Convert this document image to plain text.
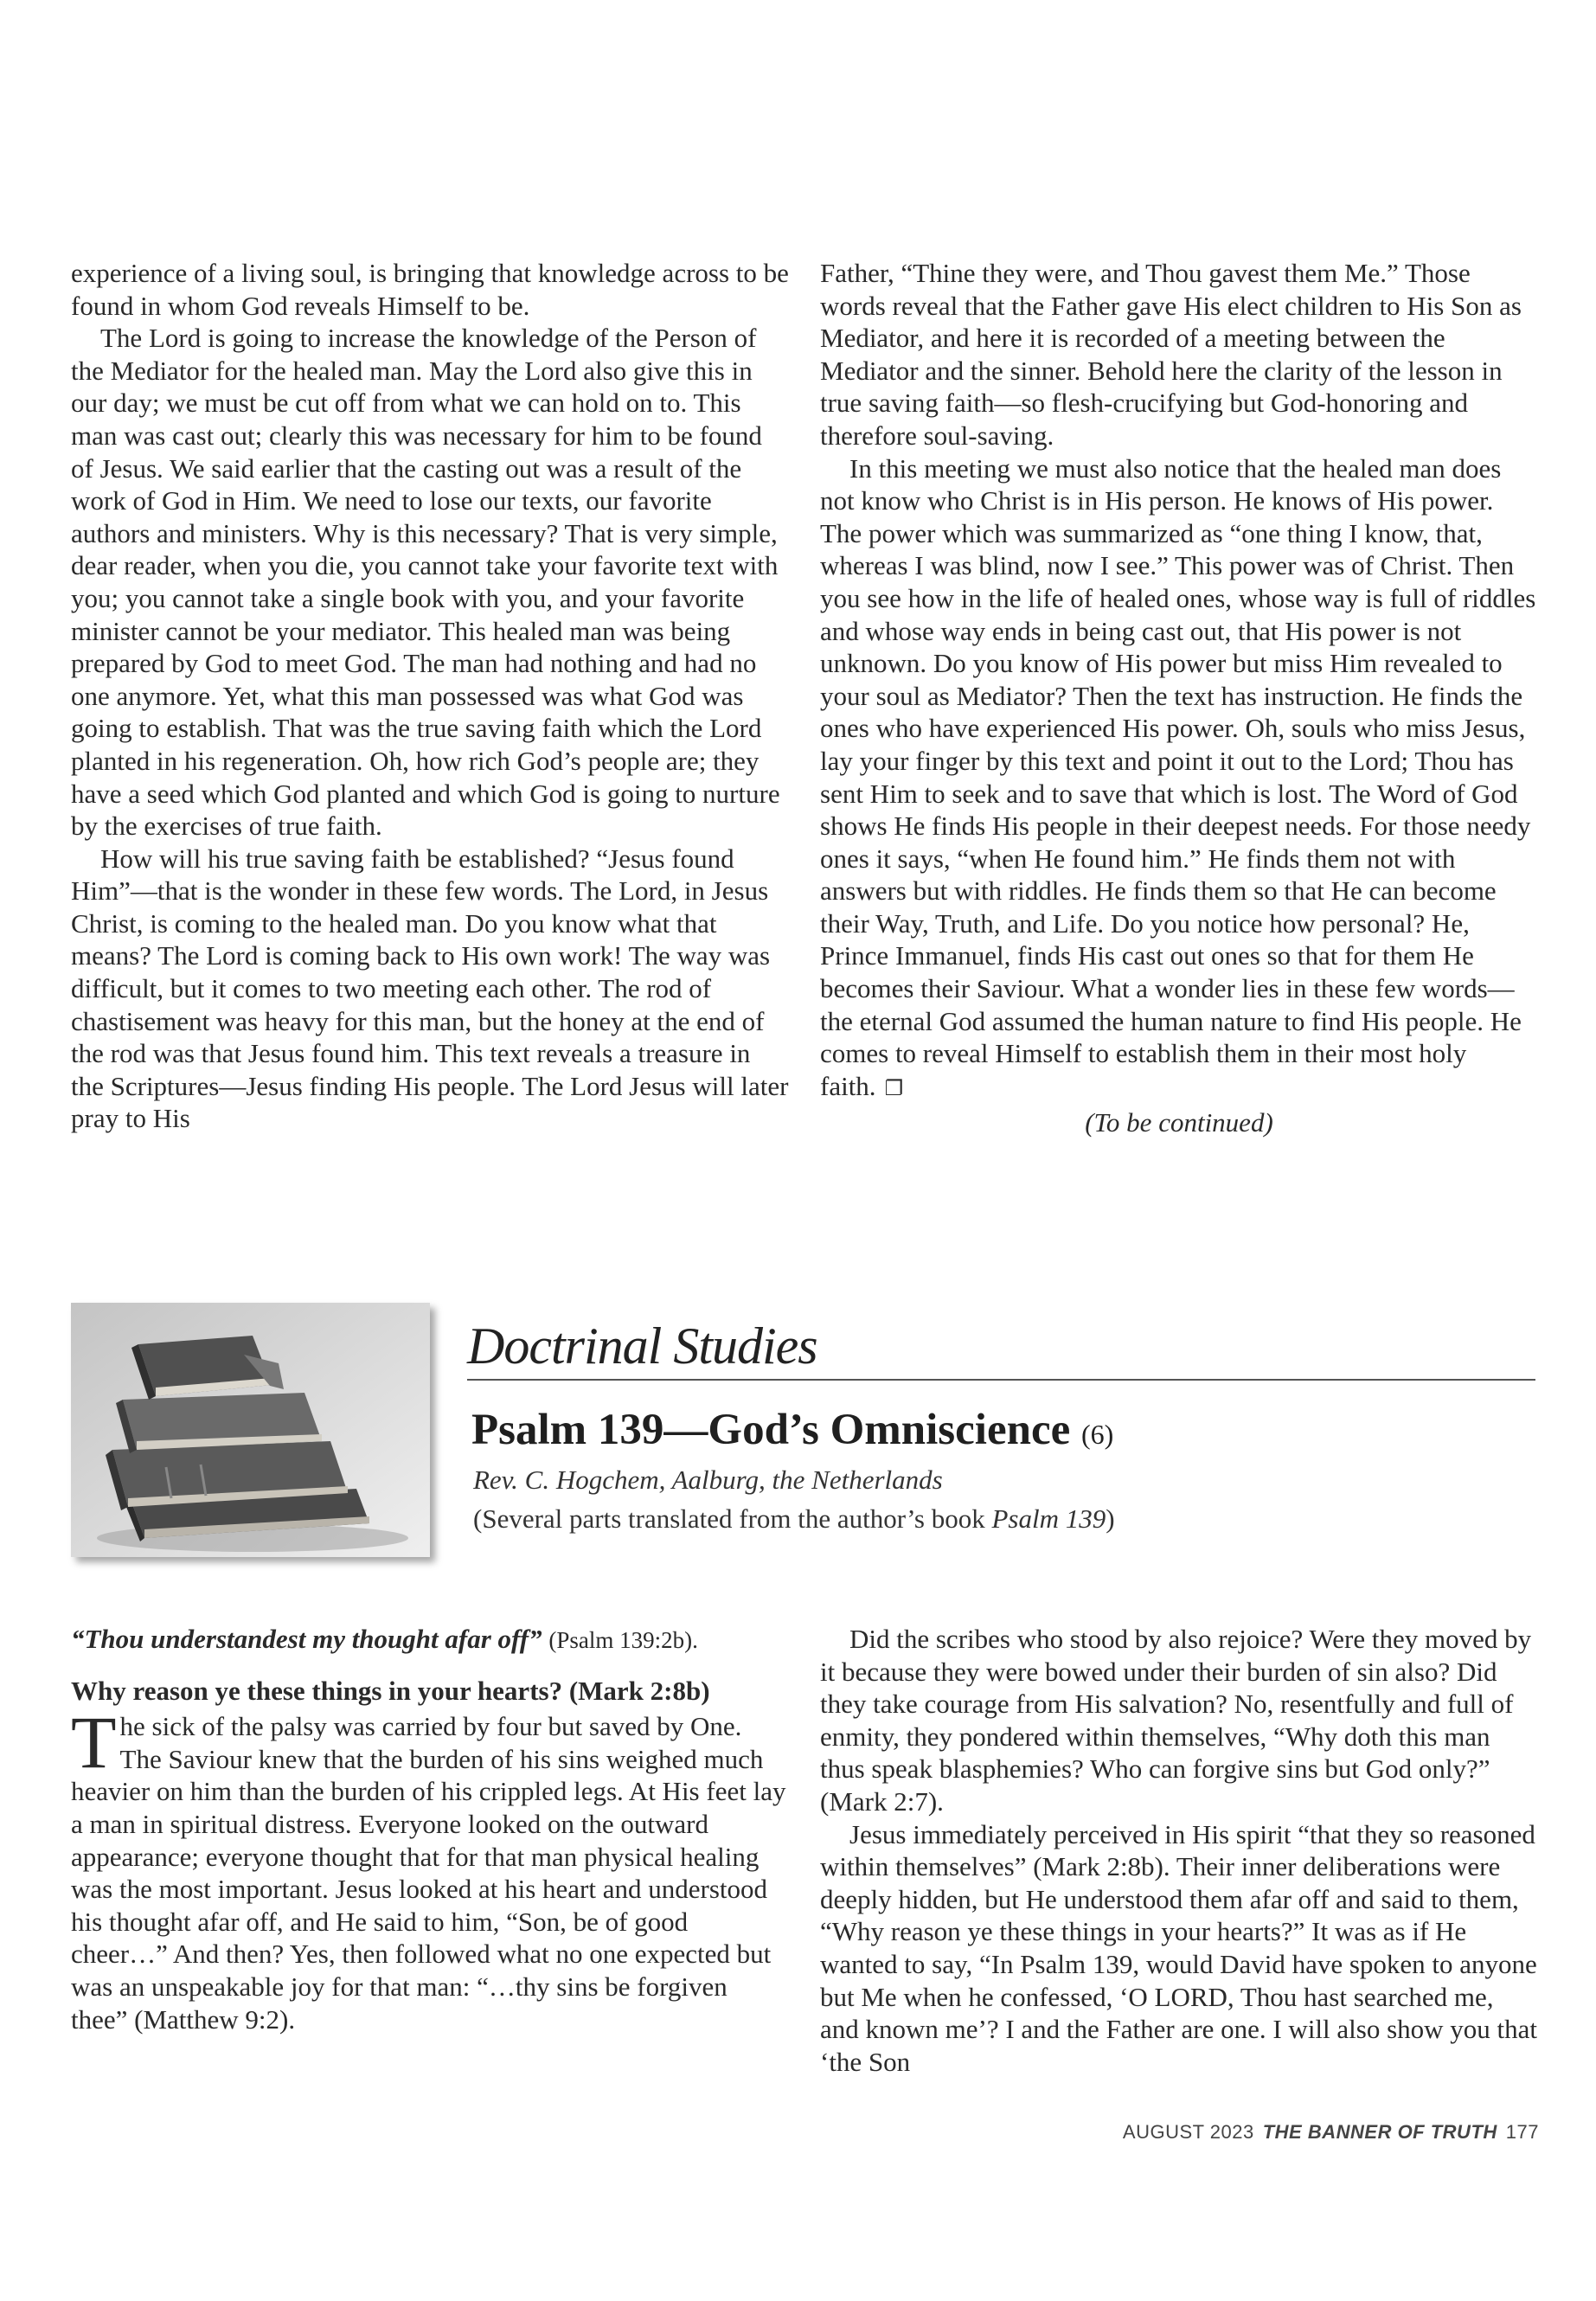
experience of a living soul, is bringing that knowledge across to be found in whom God reveals Himself to be.

The Lord is going to increase the knowledge of the Person of the Mediator for the healed man. May the Lord also give this in our day; we must be cut off from what we can hold on to. This man was cast out; clearly this was necessary for him to be found of Jesus. We said earlier that the casting out was a result of the work of God in Him. We need to lose our texts, our favorite authors and ministers. Why is this necessary? That is very simple, dear reader, when you die, you cannot take your favorite text with you; you cannot take a single book with you, and your favorite minister cannot be your mediator. This healed man was being prepared by God to meet God. The man had nothing and had no one anymore. Yet, what this man possessed was what God was going to establish. That was the true saving faith which the Lord planted in his regeneration. Oh, how rich God’s people are; they have a seed which God planted and which God is going to nurture by the exercises of true faith.

How will his true saving faith be established? “Jesus found Him”—that is the wonder in these few words. The Lord, in Jesus Christ, is coming to the healed man. Do you know what that means? The Lord is coming back to His own work! The way was difficult, but it comes to two meeting each other. The rod of chastisement was heavy for this man, but the honey at the end of the rod was that Jesus found him. This text reveals a treasure in the Scriptures—Jesus finding His people. The Lord Jesus will later pray to His

Father, “Thine they were, and Thou gavest them Me.” Those words reveal that the Father gave His elect children to His Son as Mediator, and here it is recorded of a meeting between the Mediator and the sinner. Behold here the clarity of the lesson in true saving faith—so flesh-crucifying but God-honoring and therefore soul-saving.

In this meeting we must also notice that the healed man does not know who Christ is in His person. He knows of His power. The power which was summarized as “one thing I know, that, whereas I was blind, now I see.” This power was of Christ. Then you see how in the life of healed ones, whose way is full of riddles and whose way ends in being cast out, that His power is not unknown. Do you know of His power but miss Him revealed to your soul as Mediator? Then the text has instruction. He finds the ones who have experienced His power. Oh, souls who miss Jesus, lay your finger by this text and point it out to the Lord; Thou has sent Him to seek and to save that which is lost. The Word of God shows He finds His people in their deepest needs. For those needy ones it says, “when He found him.” He finds them not with answers but with riddles. He finds them so that He can become their Way, Truth, and Life. Do you notice how personal? He, Prince Immanuel, finds His cast out ones so that for them He becomes their Saviour. What a wonder lies in these few words—the eternal God assumed the human nature to find His people. He comes to reveal Himself to establish them in their most holy faith. ❐

(To be continued)

Doctrinal Studies
Psalm 139—God’s Omniscience (6)
Rev. C. Hogchem, Aalburg, the Netherlands
(Several parts translated from the author’s book Psalm 139)

“Thou understandest my thought afar off” (Psalm 139:2b).

Why reason ye these things in your hearts? (Mark 2:8b)

The sick of the palsy was carried by four but saved by One. The Saviour knew that the burden of his sins weighed much heavier on him than the burden of his crippled legs. At His feet lay a man in spiritual distress. Everyone looked on the outward appearance; everyone thought that for that man physical healing was the most important. Jesus looked at his heart and understood his thought afar off, and He said to him, “Son, be of good cheer…” And then? Yes, then followed what no one expected but was an unspeakable joy for that man: “…thy sins be forgiven thee” (Matthew 9:2).

Did the scribes who stood by also rejoice? Were they moved by it because they were bowed under their burden of sin also? Did they take courage from His salvation? No, resentfully and full of enmity, they pondered within themselves, “Why doth this man thus speak blasphemies? Who can forgive sins but God only?” (Mark 2:7).

Jesus immediately perceived in His spirit “that they so reasoned within themselves” (Mark 2:8b). Their inner deliberations were deeply hidden, but He understood them afar off and said to them, “Why reason ye these things in your hearts?” It was as if He wanted to say, “In Psalm 139, would David have spoken to anyone but Me when he confessed, ‘O LORD, Thou hast searched me, and known me’? I and the Father are one. I will also show you that ‘the Son

AUGUST 2023 THE BANNER OF TRUTH 177
